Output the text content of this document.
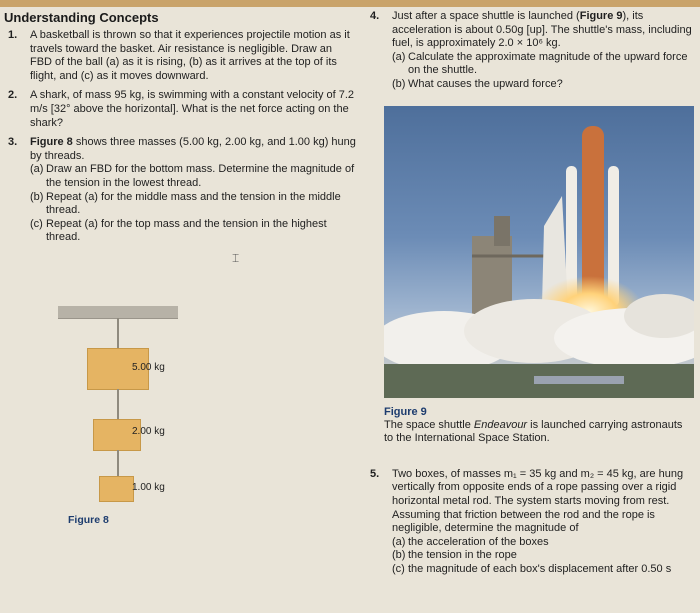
Understanding Concepts
1. A basketball is thrown so that it experiences projectile motion as it travels toward the basket. Air resistance is negligible. Draw an FBD of the ball (a) as it is rising, (b) as it arrives at the top of its flight, and (c) as it moves downward.
2. A shark, of mass 95 kg, is swimming with a constant velocity of 7.2 m/s [32° above the horizontal]. What is the net force acting on the shark?
3. Figure 8 shows three masses (5.00 kg, 2.00 kg, and 1.00 kg) hung by threads.
(a) Draw an FBD for the bottom mass. Determine the magnitude of the tension in the lowest thread.
(b) Repeat (a) for the middle mass and the tension in the middle thread.
(c) Repeat (a) for the top mass and the tension in the highest thread.
⌶
5.00 kg
2.00 kg
1.00 kg
Figure 8
4. Just after a space shuttle is launched (Figure 9), its acceleration is about 0.50g [up]. The shuttle's mass, including fuel, is approximately 2.0 × 10⁶ kg.
(a) Calculate the approximate magnitude of the upward force on the shuttle.
(b) What causes the upward force?
Figure 9
The space shuttle Endeavour is launched carrying astronauts to the International Space Station.
5. Two boxes, of masses m₁ = 35 kg and m₂ = 45 kg, are hung vertically from opposite ends of a rope passing over a rigid horizontal metal rod. The system starts moving from rest. Assuming that friction between the rod and the rope is negligible, determine the magnitude of
(a) the acceleration of the boxes
(b) the tension in the rope
(c) the magnitude of each box's displacement after 0.50 s
